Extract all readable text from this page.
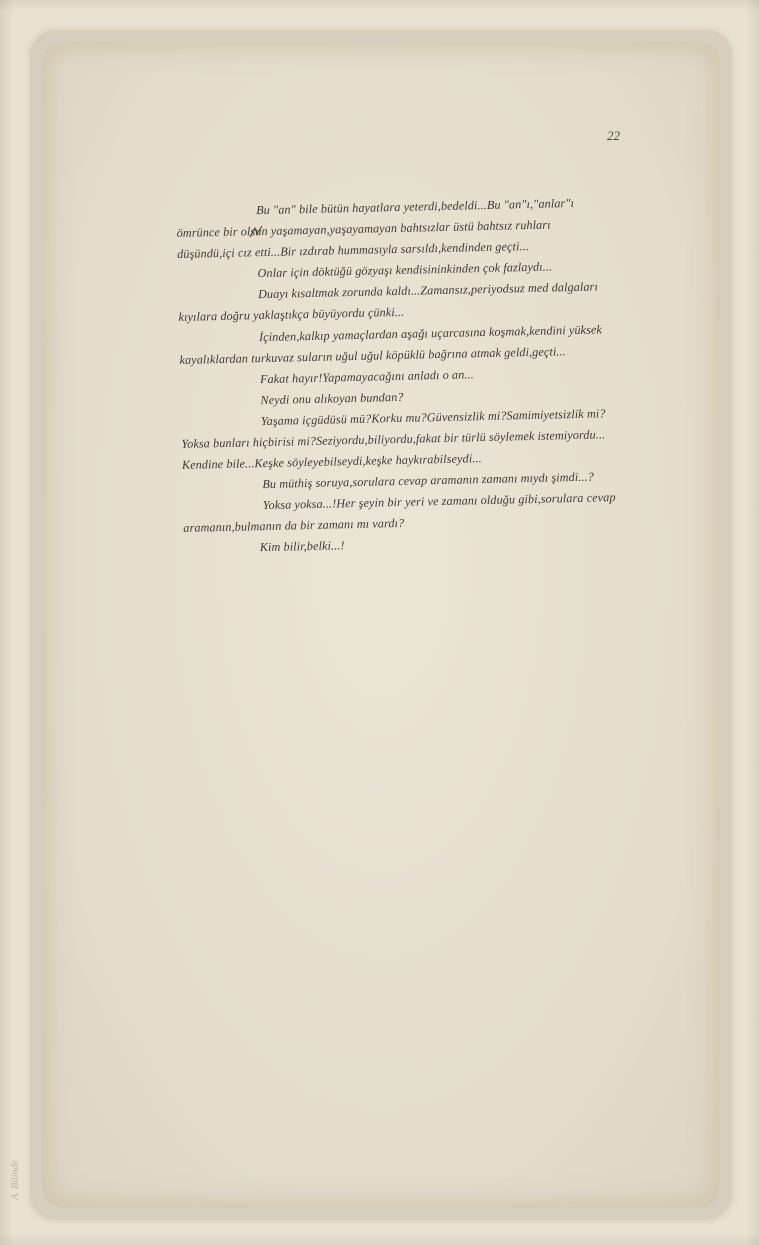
22
Bu "an" bile bütün hayatlara yeterdi,bedeldi...Bu "an"ı,"anlar"ı
ömrünce bir olsun yaşamayan,yaşayamayan bahtsızlar üstü bahtsız ruhları
düşündü,içi cız etti...Bir ızdırab hummasıyla sarsıldı,kendinden geçti...
Onlar için döktüğü gözyaşı kendisininkinden çok fazlaydı...
Duayı kısaltmak zorunda kaldı...Zamansız,periyodsuz med dalgaları
kıyılara doğru yaklaştıkça büyüyordu çünki...
İçinden,kalkıp yamaçlardan aşağı uçarcasına koşmak,kendini yüksek
kayalıklardan turkuvaz suların uğul uğul köpüklü bağrına atmak geldi,geçti...
Fakat hayır!Yapamayacağını anladı o an...
Neydi onu alıkoyan bundan?
Yaşama içgüdüsü mü?Korku mu?Güvensizlik mi?Samimiyetsizlik mi?
Yoksa bunları hiçbirisi mi?Seziyordu,biliyordu,fakat bir türlü söylemek istemiyordu...
Kendine bile...Keşke söyleyebilseydi,keşke haykırabilseydi...
Bu müthiş soruya,sorulara cevap aramanın zamanı mıydı şimdi...?
Yoksa yoksa...!Her şeyin bir yeri ve zamanı olduğu gibi,sorulara cevap
aramanın,bulmanın da bir zamanı mı vardı?
Kim bilir,belki...!
A. Bilinde
